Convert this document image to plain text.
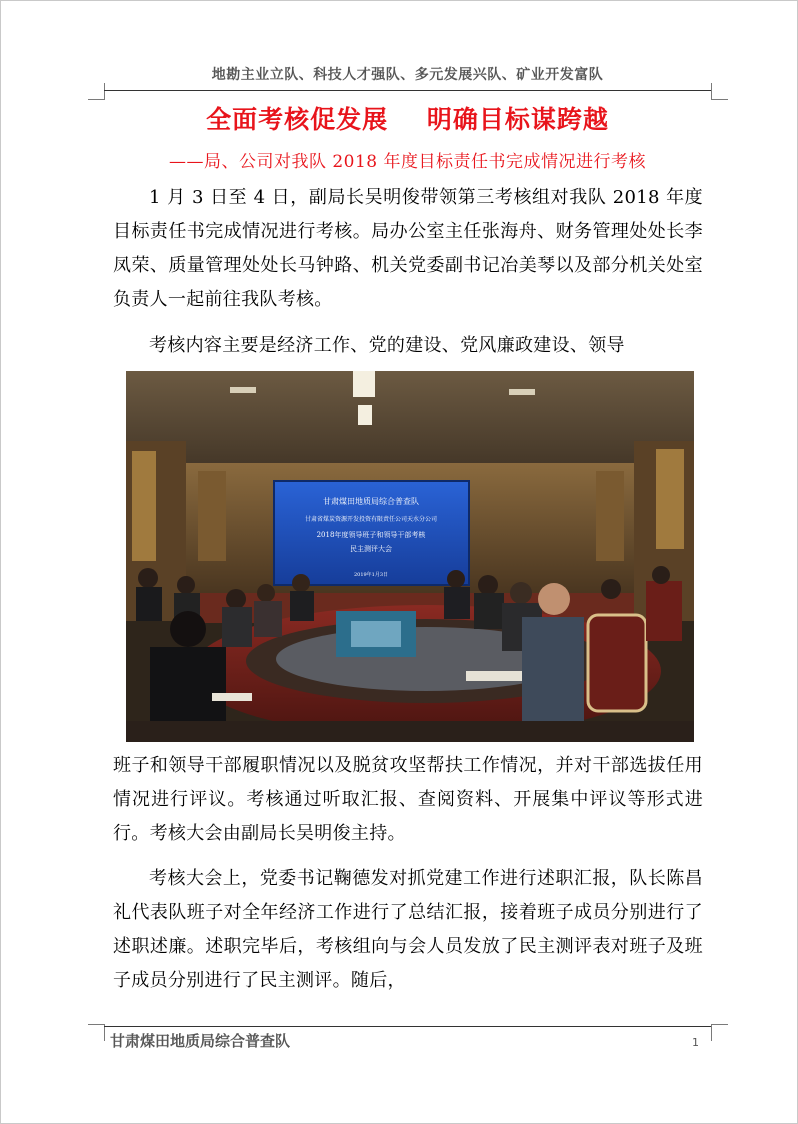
地勘主业立队、科技人才强队、多元发展兴队、矿业开发富队
全面考核促发展    明确目标谋跨越
——局、公司对我队 2018 年度目标责任书完成情况进行考核

1 月 3 日至 4 日，副局长吴明俊带领第三考核组对我队 2018 年度目标责任书完成情况进行考核。局办公室主任张海舟、财务管理处处长李凤荣、质量管理处处长马钟路、机关党委副书记冶美琴以及部分机关处室负责人一起前往我队考核。

考核内容主要是经济工作、党的建设、党风廉政建设、领导

甘肃煤田地质局综合普查队
甘肃省煤炭资源开发投资有限责任公司天水分公司
2018年度领导班子和领导干部考核
民主测评大会
2019年1月3日

班子和领导干部履职情况以及脱贫攻坚帮扶工作情况，并对干部选拔任用情况进行评议。考核通过听取汇报、查阅资料、开展集中评议等形式进行。考核大会由副局长吴明俊主持。

考核大会上，党委书记鞠德发对抓党建工作进行述职汇报，队长陈昌礼代表队班子对全年经济工作进行了总结汇报，接着班子成员分别进行了述职述廉。述职完毕后，考核组向与会人员发放了民主测评表对班子及班子成员分别进行了民主测评。随后，

甘肃煤田地质局综合普查队	1
